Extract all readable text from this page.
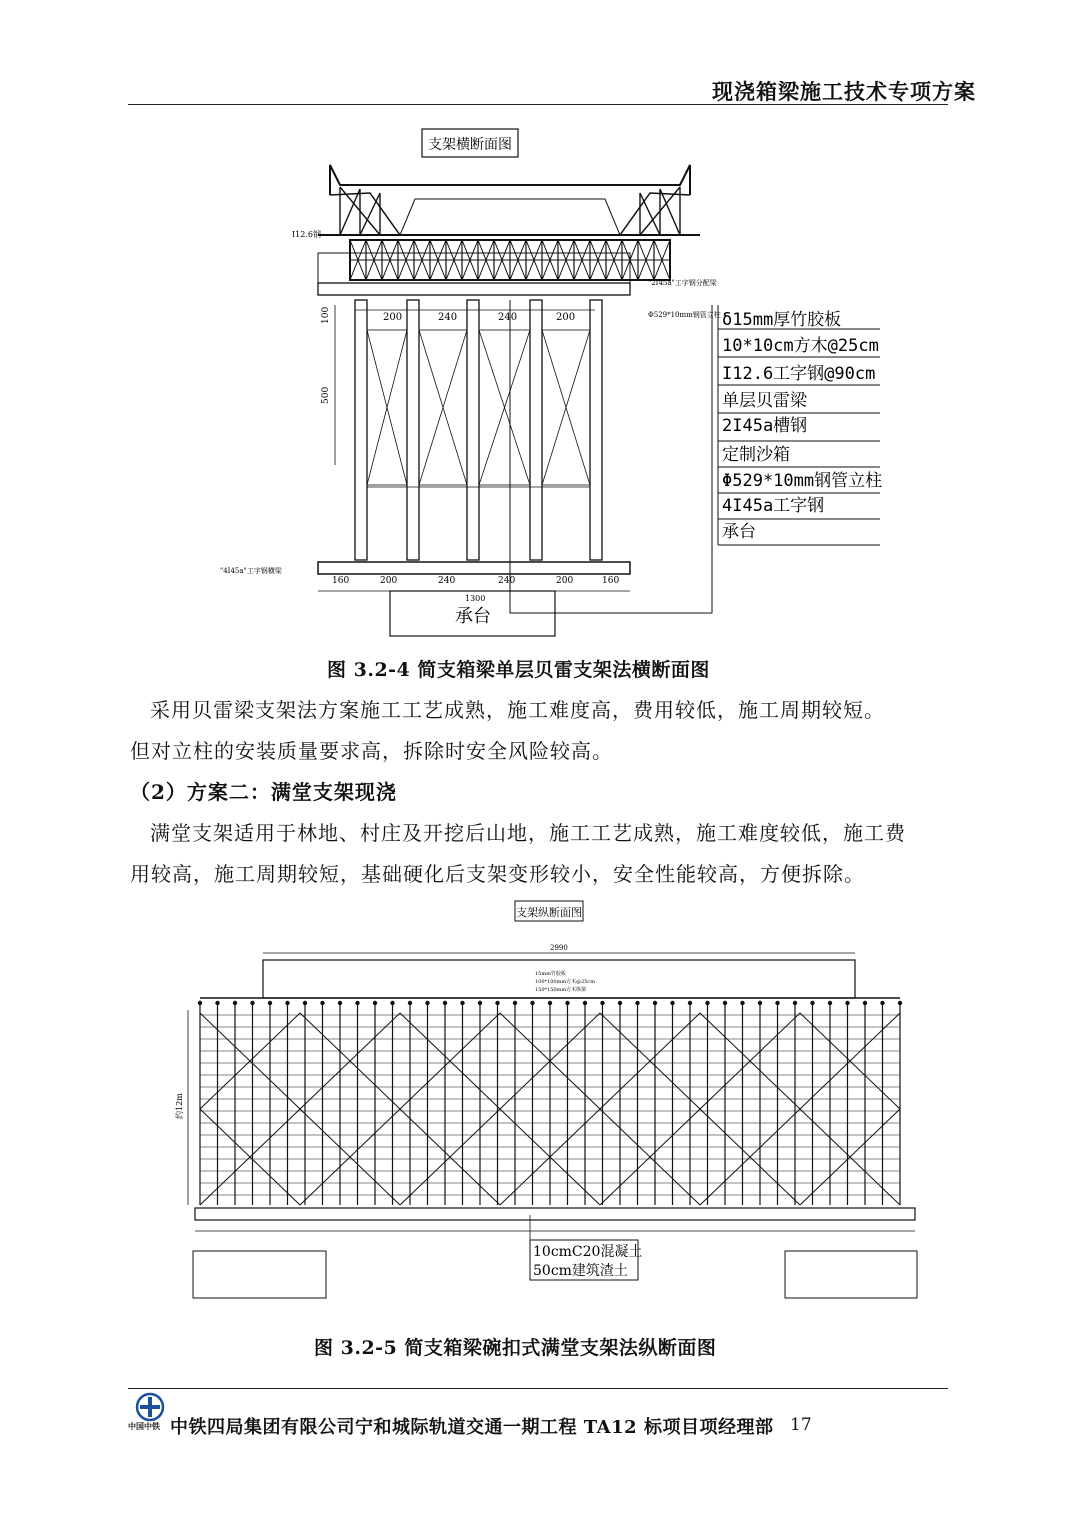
现浇箱梁施工技术专项方案
支架横断面图
I12.6钢
"2I45a"工字钢分配梁
Φ529*10mm钢管立柱
"4I45a"工字钢横梁
200	240	240	200
100
500
160	200	240	240	200	160
1300
承台
δ15mm厚竹胶板
10*10cm方木@25cm
I12.6工字钢@90cm
单层贝雷梁
2I45a槽钢
定制沙箱
Φ529*10mm钢管立柱
4I45a工字钢
承台
图 3.2-4 简支箱梁单层贝雷支架法横断面图
采用贝雷梁支架法方案施工工艺成熟，施工难度高，费用较低，施工周期较短。
但对立柱的安装质量要求高，拆除时安全风险较高。
（2）方案二：满堂支架现浇
满堂支架适用于林地、村庄及开挖后山地，施工工艺成熟，施工难度较低，施工费
用较高，施工周期较短，基础硬化后支架变形较小，安全性能较高，方便拆除。
支架纵断面图
2990
15mm竹胶板
100*100mm方木@25cm
150*150mm方木纵梁
约12m
10cmC20混凝土
50cm建筑渣土
图 3.2-5 简支箱梁碗扣式满堂支架法纵断面图
中国中铁 中铁四局集团有限公司宁和城际轨道交通一期工程 TA12 标项目项经理部 17
